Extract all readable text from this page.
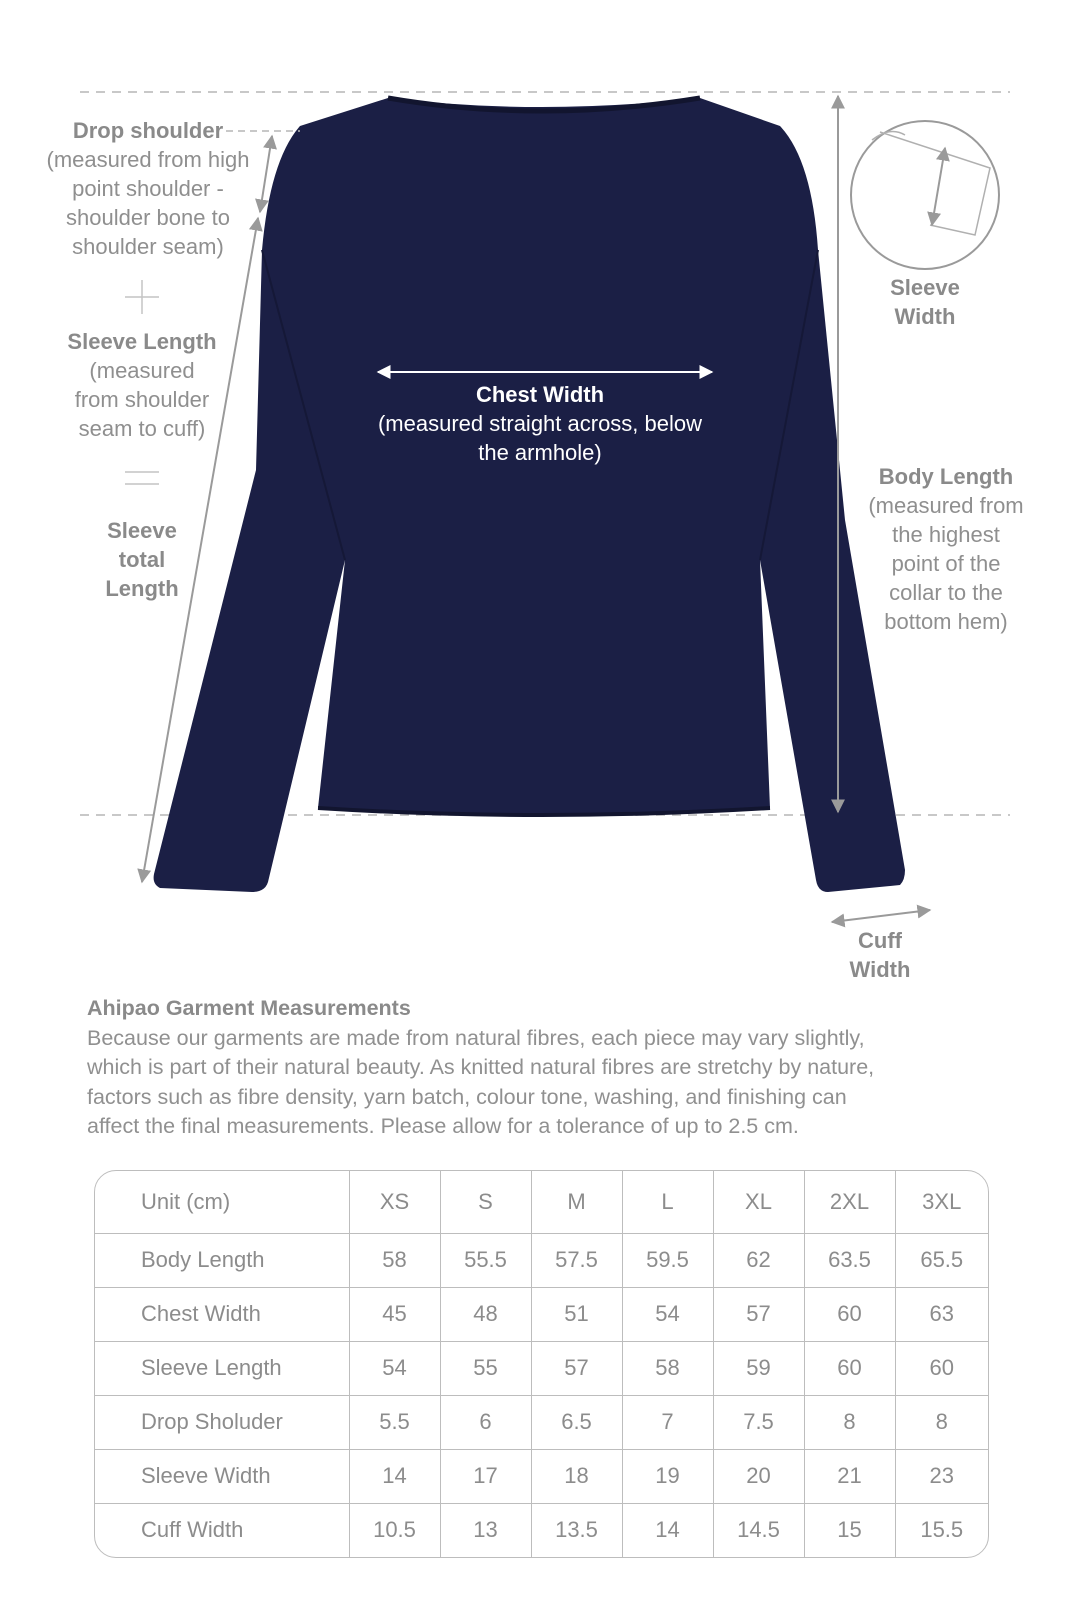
Drop shoulder
(measured from high
point shoulder -
shoulder bone to
shoulder seam)
Sleeve Length
(measured
from shoulder
seam to cuff)
Sleeve
total
Length
Chest Width
(measured straight across, below
the armhole)
Sleeve
Width
Body Length
(measured from
the highest
point of the
collar to the
bottom hem)
Cuff
Width
Ahipao Garment Measurements
Because our garments are made from natural fibres, each piece may vary slightly,
which is part of their natural beauty. As knitted natural fibres are stretchy by nature,
factors such as fibre density, yarn batch, colour tone, washing, and finishing can
affect the final measurements. Please allow for a tolerance of up to 2.5 cm.
Unit (cm)	XS	S	M	L	XL	2XL	3XL
Body Length	58	55.5	57.5	59.5	62	63.5	65.5
Chest Width	45	48	51	54	57	60	63
Sleeve Length	54	55	57	58	59	60	60
Drop Sholuder	5.5	6	6.5	7	7.5	8	8
Sleeve Width	14	17	18	19	20	21	23
Cuff Width	10.5	13	13.5	14	14.5	15	15.5
